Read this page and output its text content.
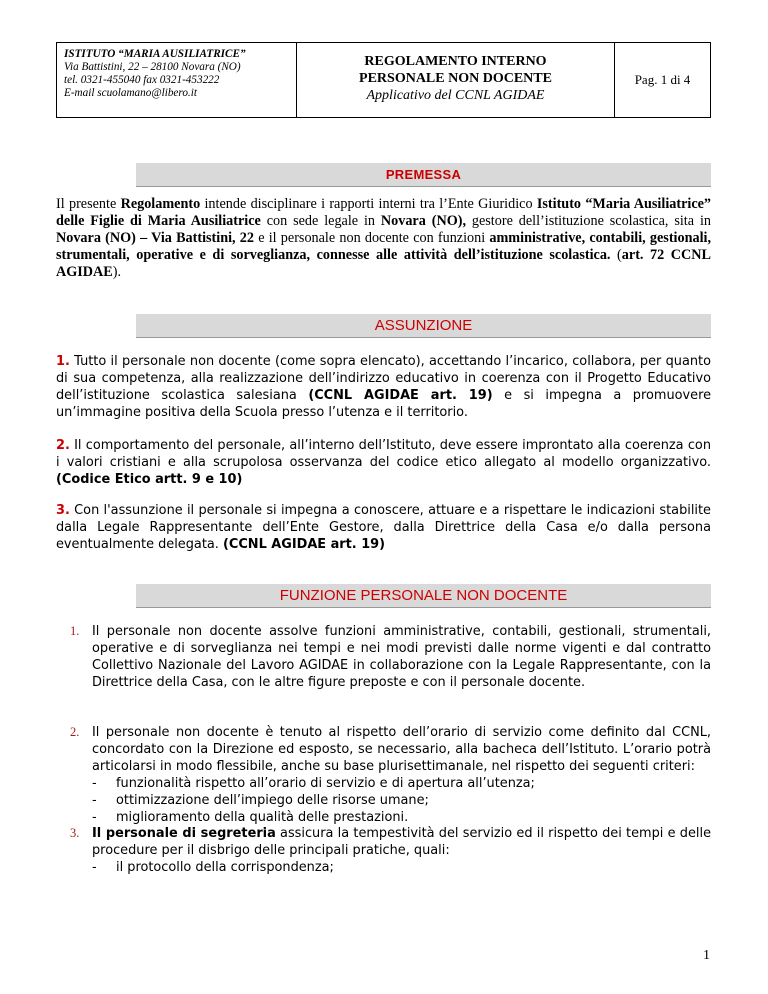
ISTITUTO “MARIA AUSILIATRICE”
Via Battistini, 22 – 28100 Novara (NO)
tel. 0321-455040 fax 0321-453222
E-mail scuolamano@libero.it
REGOLAMENTO INTERNO
PERSONALE NON DOCENTE
Applicativo del CCNL AGIDAE
Pag. 1 di 4
PREMESSA
Il presente Regolamento intende disciplinare i rapporti interni tra l’Ente Giuridico Istituto “Maria Ausiliatrice” delle Figlie di Maria Ausiliatrice con sede legale in Novara (NO), gestore dell’istituzione scolastica, sita in Novara (NO) – Via Battistini, 22 e il personale non docente con funzioni amministrative, contabili, gestionali, strumentali, operative e di sorveglianza, connesse alle attività dell’istituzione scolastica. (art. 72 CCNL AGIDAE).
ASSUNZIONE
1. Tutto il personale non docente (come sopra elencato), accettando l’incarico, collabora, per quanto di sua competenza, alla realizzazione dell’indirizzo educativo in coerenza con il Progetto Educativo dell’istituzione scolastica salesiana (CCNL AGIDAE art. 19) e si impegna a promuovere un’immagine positiva della Scuola presso l’utenza e il territorio.
2. Il comportamento del personale, all’interno dell’Istituto, deve essere improntato alla coerenza con i valori cristiani e alla scrupolosa osservanza del codice etico allegato al modello organizzativo. (Codice Etico artt. 9 e 10)
3. Con l'assunzione il personale si impegna a conoscere, attuare e a rispettare le indicazioni stabilite dalla Legale Rappresentante dell’Ente Gestore, dalla Direttrice della Casa e/o dalla persona eventualmente delegata. (CCNL AGIDAE art. 19)
FUNZIONE PERSONALE NON DOCENTE
1. Il personale non docente assolve funzioni amministrative, contabili, gestionali, strumentali, operative e di sorveglianza nei tempi e nei modi previsti dalle norme vigenti e dal contratto Collettivo Nazionale del Lavoro AGIDAE in collaborazione con la Legale Rappresentante, con la Direttrice della Casa, con le altre figure preposte e con il personale docente.
2. Il personale non docente è tenuto al rispetto dell’orario di servizio come definito dal CCNL, concordato con la Direzione ed esposto, se necessario, alla bacheca dell’Istituto. L’orario potrà articolarsi in modo flessibile, anche su base plurisettimanale, nel rispetto dei seguenti criteri:
- funzionalità rispetto all’orario di servizio e di apertura all’utenza;
- ottimizzazione dell’impiego delle risorse umane;
- miglioramento della qualità delle prestazioni.
3. Il personale di segreteria assicura la tempestività del servizio ed il rispetto dei tempi e delle procedure per il disbrigo delle principali pratiche, quali:
- il protocollo della corrispondenza;
1
